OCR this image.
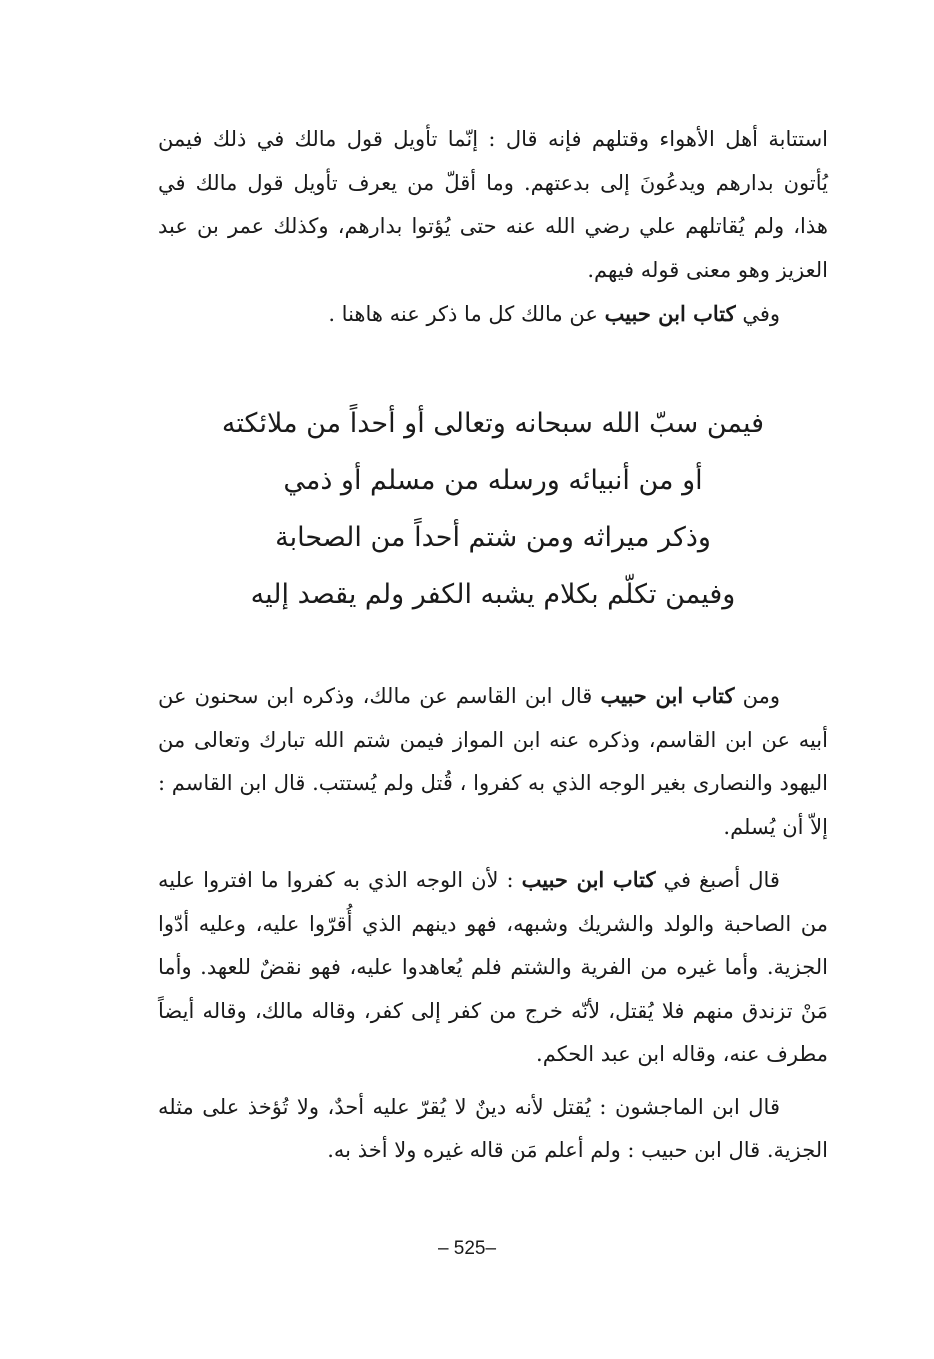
استتابة أهل الأهواء وقتلهم فإنه قال : إنّما تأويل قول مالك في ذلك فيمن يُأتون بدارهم ويدعُونَ إلى بدعتهم. وما أقلّ من يعرف تأويل قول مالك في هذا، ولم يُقاتلهم علي رضي الله عنه حتى يُؤتوا بدارهم، وكذلك عمر بن عبد العزيز وهو معنى قوله فيهم.

وفي كتاب ابن حبيب عن مالك كل ما ذكر عنه هاهنا .

فيمن سبّ الله سبحانه وتعالى أو أحداً من ملائكته

أو من أنبيائه ورسله من مسلم أو ذمي

وذكر ميراثه ومن شتم أحداً من الصحابة

وفيمن تكلّم بكلام يشبه الكفر ولم يقصد إليه

ومن كتاب ابن حبيب قال ابن القاسم عن مالك، وذكره ابن سحنون عن أبيه عن ابن القاسم، وذكره عنه ابن المواز فيمن شتم الله تبارك وتعالى من اليهود والنصارى بغير الوجه الذي به كفروا ، قُتل ولم يُستتب. قال ابن القاسم : إلاّ أن يُسلم.
قال أصبغ في كتاب ابن حبيب : لأن الوجه الذي به كفروا ما افتروا عليه من الصاحبة والولد والشريك وشبهه، فهو دينهم الذي أُقرّوا عليه، وعليه أدّوا الجزية. وأما غيره من الفرية والشتم فلم يُعاهدوا عليه، فهو نقضٌ للعهد. وأما مَنْ تزندق منهم فلا يُقتل، لأنّه خرج من كفر إلى كفر، وقاله مالك، وقاله أيضاً مطرف عنه، وقاله ابن عبد الحكم.
قال ابن الماجشون : يُقتل لأنه دينٌ لا يُقرّ عليه أحدٌ، ولا تُؤخذ على مثله الجزية. قال ابن حبيب : ولم أعلم مَن قاله غيره ولا أخذ به.
– 525–
